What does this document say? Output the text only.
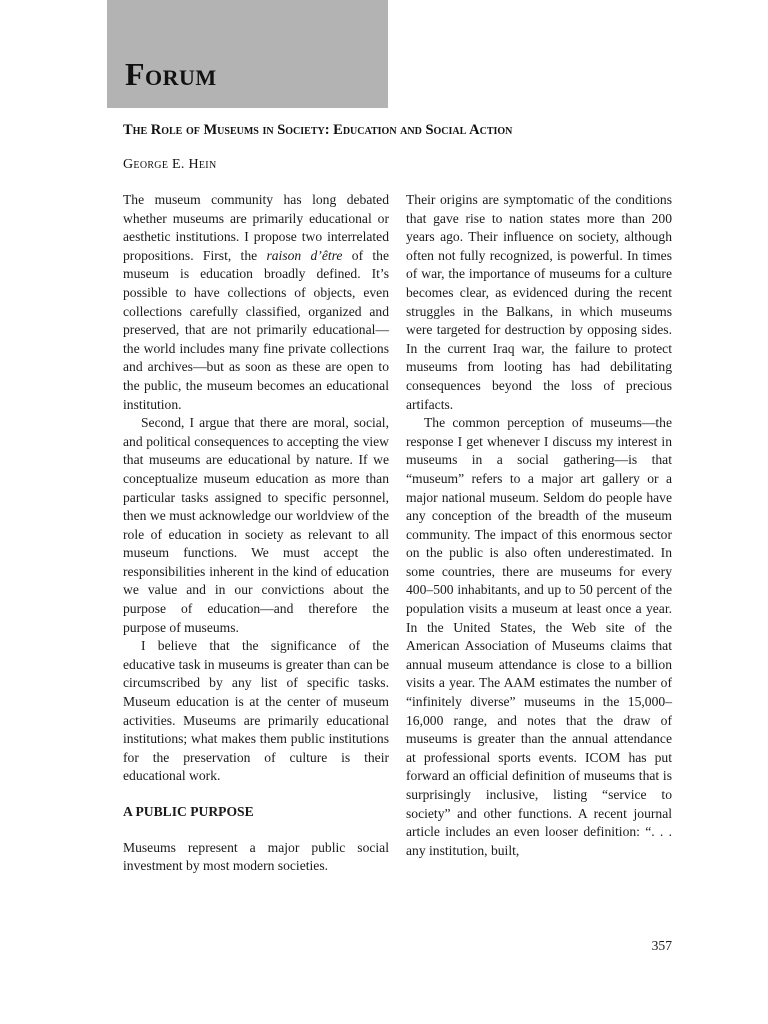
Forum
The Role of Museums in Society: Education and Social Action
George E. Hein

The museum community has long debated whether museums are primarily educational or aesthetic institutions. I propose two interrelated propositions. First, the raison d’être of the museum is education broadly defined. It’s possible to have collections of objects, even collections carefully classified, organized and preserved, that are not primarily educational—the world includes many fine private collections and archives—but as soon as these are open to the public, the museum becomes an educational institution.

Second, I argue that there are moral, social, and political consequences to accepting the view that museums are educational by nature. If we conceptualize museum education as more than particular tasks assigned to specific personnel, then we must acknowledge our worldview of the role of education in society as relevant to all museum functions. We must accept the responsibilities inherent in the kind of education we value and in our convictions about the purpose of education—and therefore the purpose of museums.

I believe that the significance of the educative task in museums is greater than can be circumscribed by any list of specific tasks. Museum education is at the center of museum activities. Museums are primarily educational institutions; what makes them public institutions for the preservation of culture is their educational work.

A PUBLIC PURPOSE

Museums represent a major public social investment by most modern societies.

Their origins are symptomatic of the conditions that gave rise to nation states more than 200 years ago. Their influence on society, although often not fully recognized, is powerful. In times of war, the importance of museums for a culture becomes clear, as evidenced during the recent struggles in the Balkans, in which museums were targeted for destruction by opposing sides. In the current Iraq war, the failure to protect museums from looting has had debilitating consequences beyond the loss of precious artifacts.

The common perception of museums—the response I get whenever I discuss my interest in museums in a social gathering—is that “museum” refers to a major art gallery or a major national museum. Seldom do people have any conception of the breadth of the museum community. The impact of this enormous sector on the public is also often underestimated. In some countries, there are museums for every 400–500 inhabitants, and up to 50 percent of the population visits a museum at least once a year. In the United States, the Web site of the American Association of Museums claims that annual museum attendance is close to a billion visits a year. The AAM estimates the number of “infinitely diverse” museums in the 15,000–16,000 range, and notes that the draw of museums is greater than the annual attendance at professional sports events. ICOM has put forward an official definition of museums that is surprisingly inclusive, listing “service to society” and other functions. A recent journal article includes an even looser definition: “. . . any institution, built,

357
